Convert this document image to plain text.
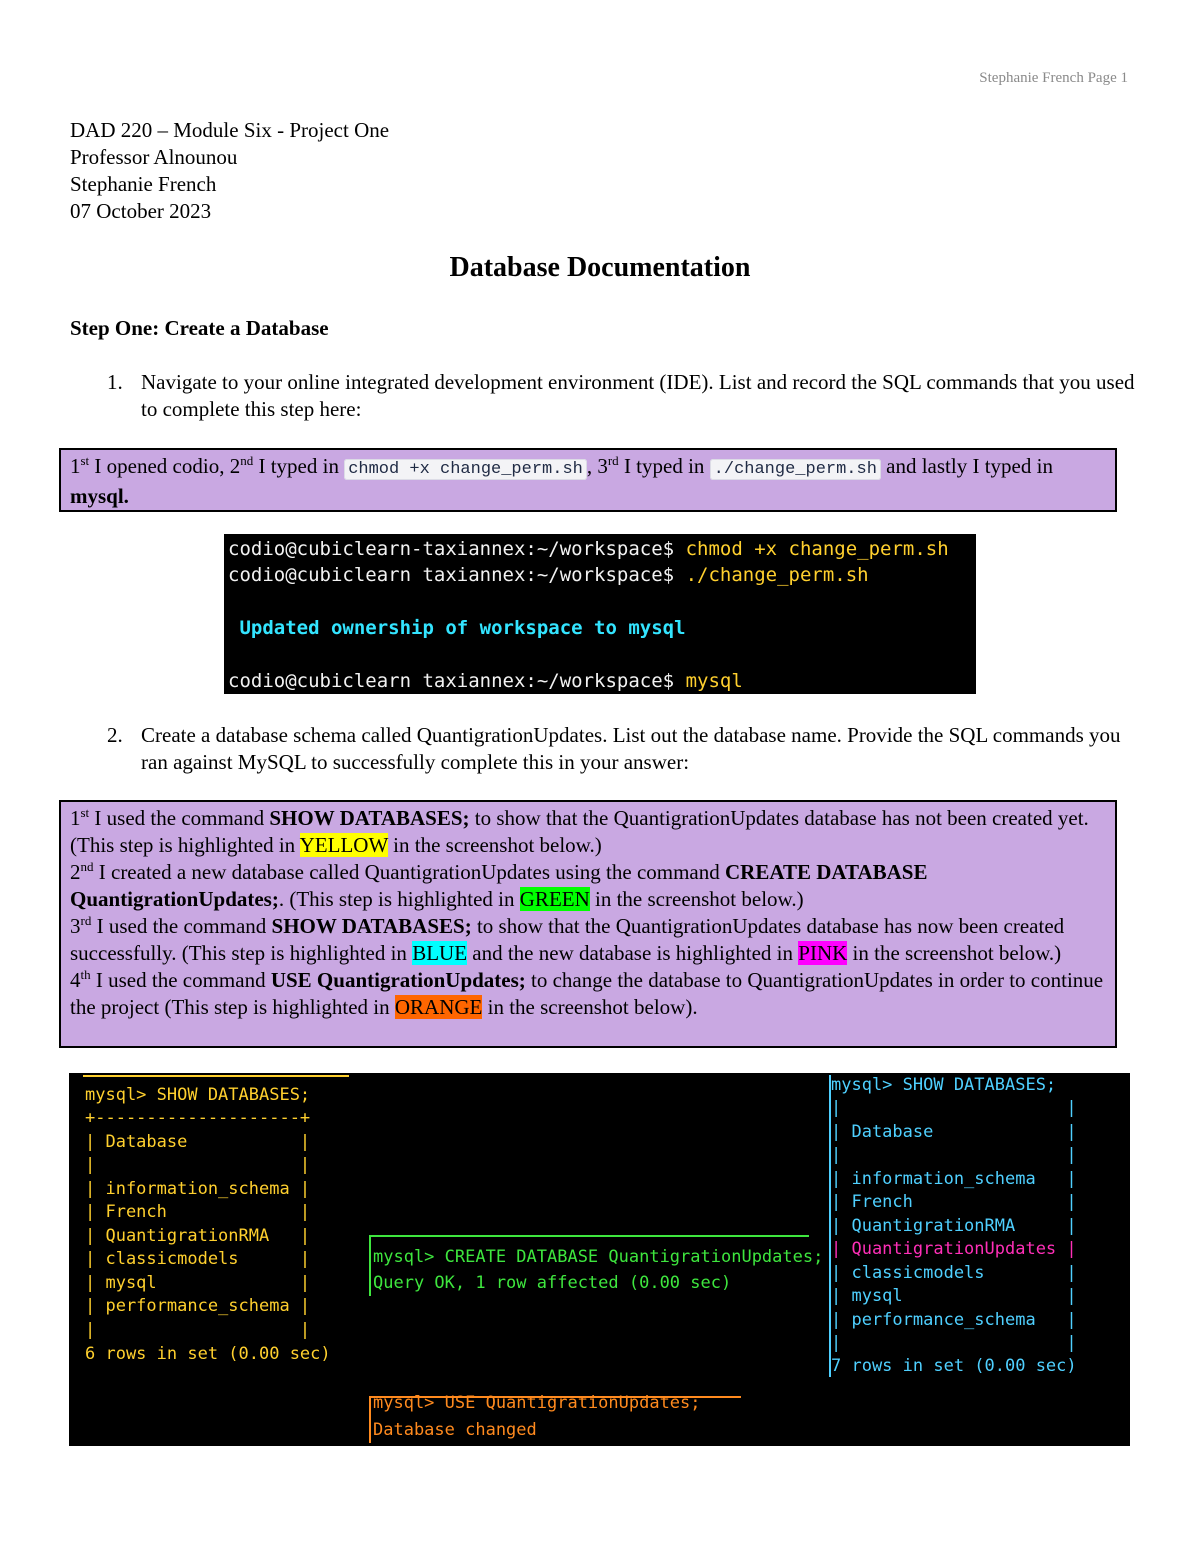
Stephanie French Page 1
DAD 220 – Module Six - Project One
Professor Alnounou
Stephanie French
07 October 2023
Database Documentation
Step One: Create a Database
1. Navigate to your online integrated development environment (IDE). List and record the SQL commands that you used to complete this step here:
1st I opened codio, 2nd I typed in chmod +x change_perm.sh , 3rd I typed in ./change_perm.sh and lastly I typed in mysql.
codio@cubiclearn-taxiannex:~/workspace$ chmod +x change_perm.sh
codio@cubiclearn taxiannex:~/workspace$ ./change_perm.sh
Updated ownership of workspace to mysql
codio@cubiclearn taxiannex:~/workspace$ mysql
2. Create a database schema called QuantigrationUpdates. List out the database name. Provide the SQL commands you ran against MySQL to successfully complete this in your answer:
1st I used the command SHOW DATABASES; to show that the QuantigrationUpdates database has not been created yet. (This step is highlighted in YELLOW in the screenshot below.)
2nd I created a new database called QuantigrationUpdates using the command CREATE DATABASE QuantigrationUpdates;. (This step is highlighted in GREEN in the screenshot below.)
3rd I used the command SHOW DATABASES; to show that the QuantigrationUpdates database has now been created successfully. (This step is highlighted in BLUE and the new database is highlighted in PINK in the screenshot below.)
4th I used the command USE QuantigrationUpdates; to change the database to QuantigrationUpdates in order to continue the project (This step is highlighted in ORANGE in the screenshot below).
mysql> SHOW DATABASES;
+--------------------+
| Database           |
|                    |
| information_schema |
| French             |
| QuantigrationRMA   |
| classicmodels      |
| mysql              |
| performance_schema |
|                    |
6 rows in set (0.00 sec)
mysql> CREATE DATABASE QuantigrationUpdates;
Query OK, 1 row affected (0.00 sec)
mysql> SHOW DATABASES;
|                      |
| Database             |
|                      |
| information_schema   |
| French               |
| QuantigrationRMA     |
| QuantigrationUpdates |
| classicmodels        |
| mysql                |
| performance_schema   |
|                      |
7 rows in set (0.00 sec)
mysql> USE QuantigrationUpdates;
Database changed
